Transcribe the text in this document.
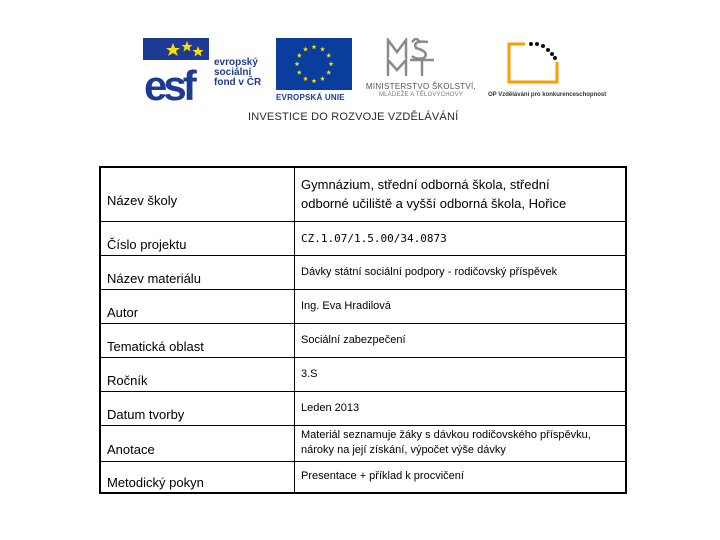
esf	evropský
sociální
fond v ČR
EVROPSKÁ UNIE
MINISTERSTVO ŠKOLSTVÍ,
MLÁDEŽE A TĚLOVÝCHOVY	OP Vzdělávání pro konkurenceschopnost
INVESTICE DO ROZVOJE VZDĚLÁVÁNÍ
Název školy	Gymnázium, střední odborná škola, střední
odborné učiliště a vyšší odborná škola, Hořice

Číslo projektu	CZ.1.07/1.5.00/34.0873
Název materiálu	Dávky státní sociální podpory - rodičovský příspěvek
Autor	Ing. Eva Hradilová
Tematická oblast	Sociální zabezpečení
Ročník	3.S
Datum tvorby	Leden 2013
Anotace	Materiál seznamuje žáky s dávkou rodičovského příspěvku,
nároky na její získání, výpočet výše dávky

Metodický pokyn	Presentace + příklad k procvičení
